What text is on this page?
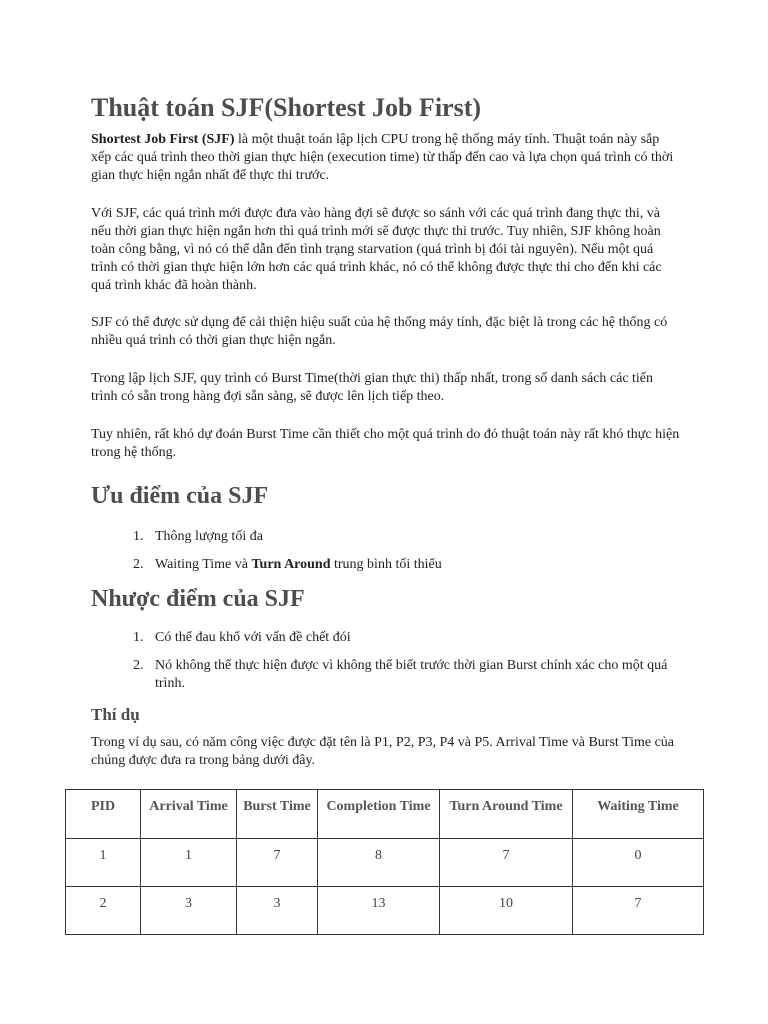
Thuật toán SJF(Shortest Job First)

Shortest Job First (SJF) là một thuật toán lập lịch CPU trong hệ thống máy tính. Thuật toán này sắp xếp các quá trình theo thời gian thực hiện (execution time) từ thấp đến cao và lựa chọn quá trình có thời gian thực hiện ngắn nhất để thực thi trước.

Với SJF, các quá trình mới được đưa vào hàng đợi sẽ được so sánh với các quá trình đang thực thi, và nếu thời gian thực hiện ngắn hơn thì quá trình mới sẽ được thực thi trước. Tuy nhiên, SJF không hoàn toàn công bằng, vì nó có thể dẫn đến tình trạng starvation (quá trình bị đói tài nguyên). Nếu một quá trình có thời gian thực hiện lớn hơn các quá trình khác, nó có thể không được thực thi cho đến khi các quá trình khác đã hoàn thành.

SJF có thể được sử dụng để cải thiện hiệu suất của hệ thống máy tính, đặc biệt là trong các hệ thống có nhiều quá trình có thời gian thực hiện ngắn.

Trong lập lịch SJF, quy trình có Burst Time(thời gian thực thi) thấp nhất, trong số danh sách các tiến trình có sẵn trong hàng đợi sẵn sàng, sẽ được lên lịch tiếp theo.

Tuy nhiên, rất khó dự đoán Burst Time cần thiết cho một quá trình do đó thuật toán này rất khó thực hiện trong hệ thống.

Ưu điểm của SJF
1. Thông lượng tối đa
2. Waiting Time và Turn Around trung bình tối thiểu
Nhược điểm của SJF
1. Có thể đau khổ với vấn đề chết đói
2. Nó không thể thực hiện được vì không thể biết trước thời gian Burst chính xác cho một quá trình.
Thí dụ

Trong ví dụ sau, có năm công việc được đặt tên là P1, P2, P3, P4 và P5. Arrival Time và Burst Time của chúng được đưa ra trong bảng dưới đây.

PID	Arrival Time	Burst Time	Completion Time	Turn Around Time	Waiting Time
1	1	7	8	7	0
2	3	3	13	10	7
